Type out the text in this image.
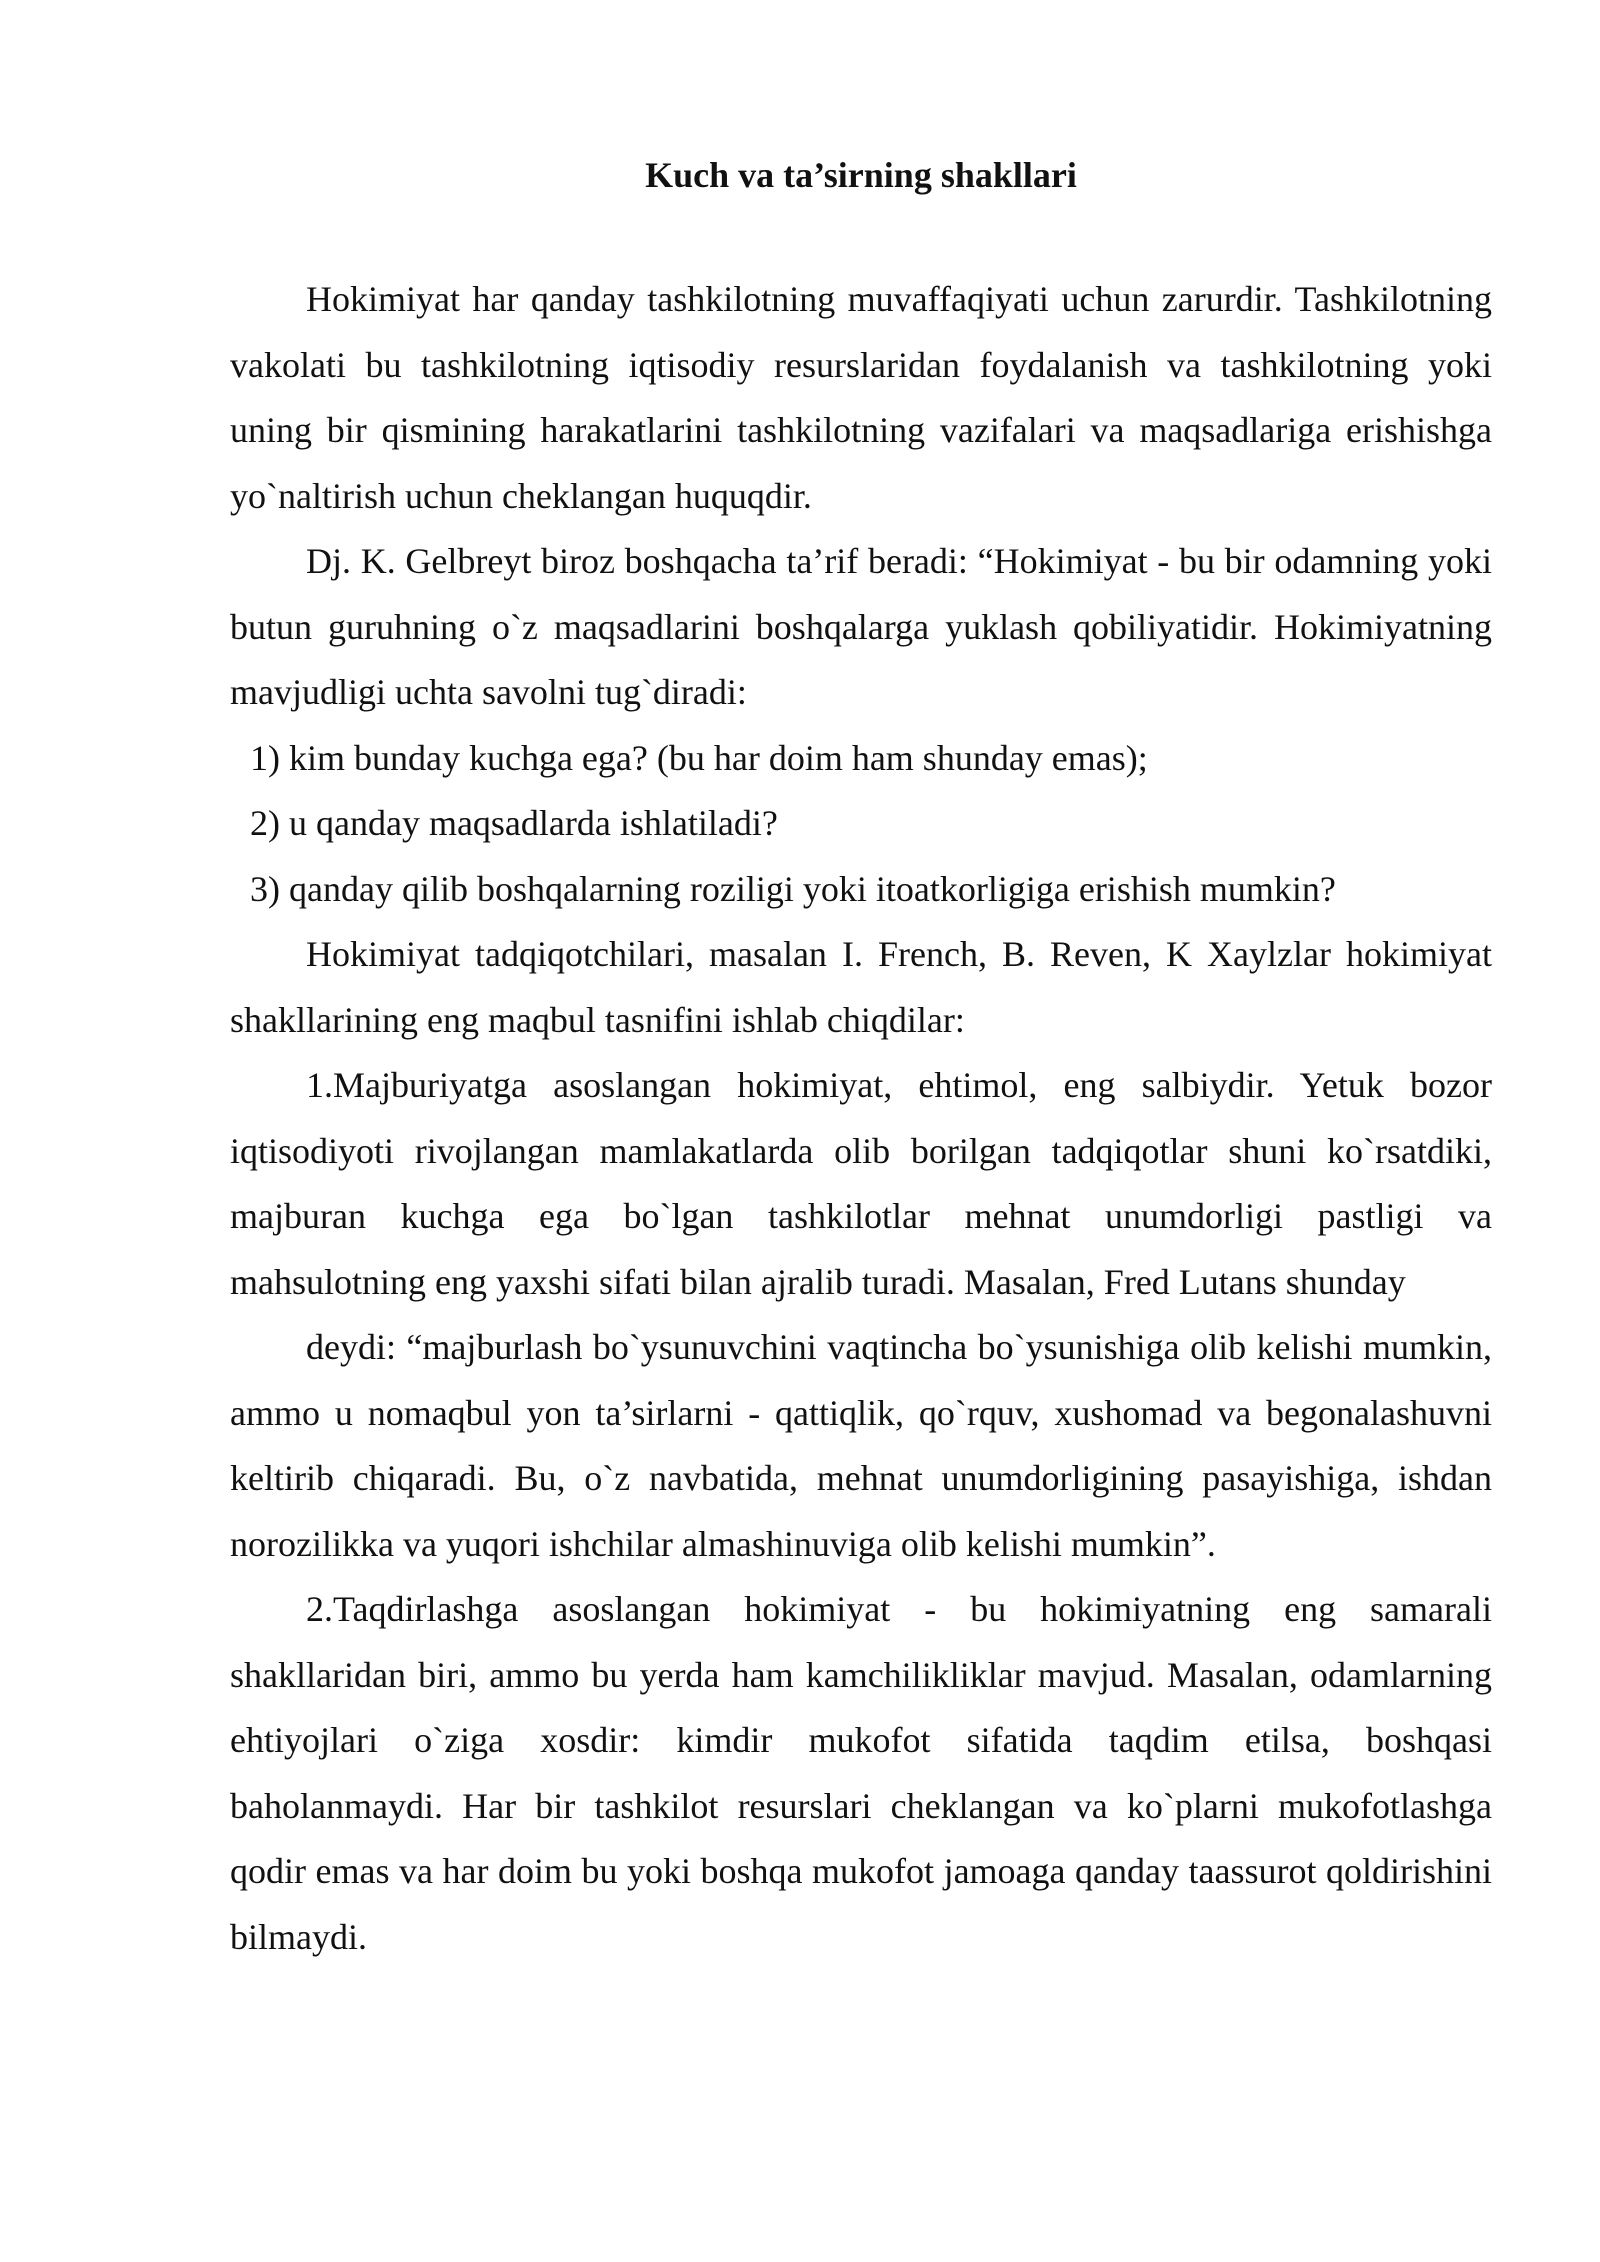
Kuch va ta’sirning shakllari

Hokimiyat har qanday tashkilotning muvaffaqiyati uchun zarurdir. Tashkilotning vakolati bu tashkilotning iqtisodiy resurslaridan foydalanish va tashkilotning yoki uning bir qismining harakatlarini tashkilotning vazifalari va maqsadlariga erishishga yo`naltirish uchun cheklangan huquqdir.

Dj. K. Gelbreyt biroz boshqacha ta’rif beradi: “Hokimiyat - bu bir odamning yoki butun guruhning o`z maqsadlarini boshqalarga yuklash qobiliyatidir. Hokimiyatning mavjudligi uchta savolni tug`diradi:

1) kim bunday kuchga ega? (bu har doim ham shunday emas);

2) u qanday maqsadlarda ishlatiladi?

3) qanday qilib boshqalarning roziligi yoki itoatkorligiga erishish mumkin?

Hokimiyat tadqiqotchilari, masalan I. French, B. Reven, K Xaylzlar hokimiyat shakllarining eng maqbul tasnifini ishlab chiqdilar:

1.Majburiyatga asoslangan hokimiyat, ehtimol, eng salbiydir. Yetuk bozor iqtisodiyoti rivojlangan mamlakatlarda olib borilgan tadqiqotlar shuni ko`rsatdiki, majburan kuchga ega bo`lgan tashkilotlar mehnat unumdorligi pastligi va mahsulotning eng yaxshi sifati bilan ajralib turadi. Masalan, Fred Lutans shunday

deydi: “majburlash bo`ysunuvchini vaqtincha bo`ysunishiga olib kelishi mumkin, ammo u nomaqbul yon ta’sirlarni - qattiqlik, qo`rquv, xushomad va begonalashuvni keltirib chiqaradi. Bu, o`z navbatida, mehnat unumdorligining pasayishiga, ishdan norozilikka va yuqori ishchilar almashinuviga olib kelishi mumkin”.

2.Taqdirlashga asoslangan hokimiyat - bu hokimiyatning eng samarali shakllaridan biri, ammo bu yerda ham kamchilikliklar mavjud. Masalan, odamlarning ehtiyojlari o`ziga xosdir: kimdir mukofot sifatida taqdim etilsa, boshqasi baholanmaydi. Har bir tashkilot resurslari cheklangan va ko`plarni mukofotlashga qodir emas va har doim bu yoki boshqa mukofot jamoaga qanday taassurot qoldirishini bilmaydi.
